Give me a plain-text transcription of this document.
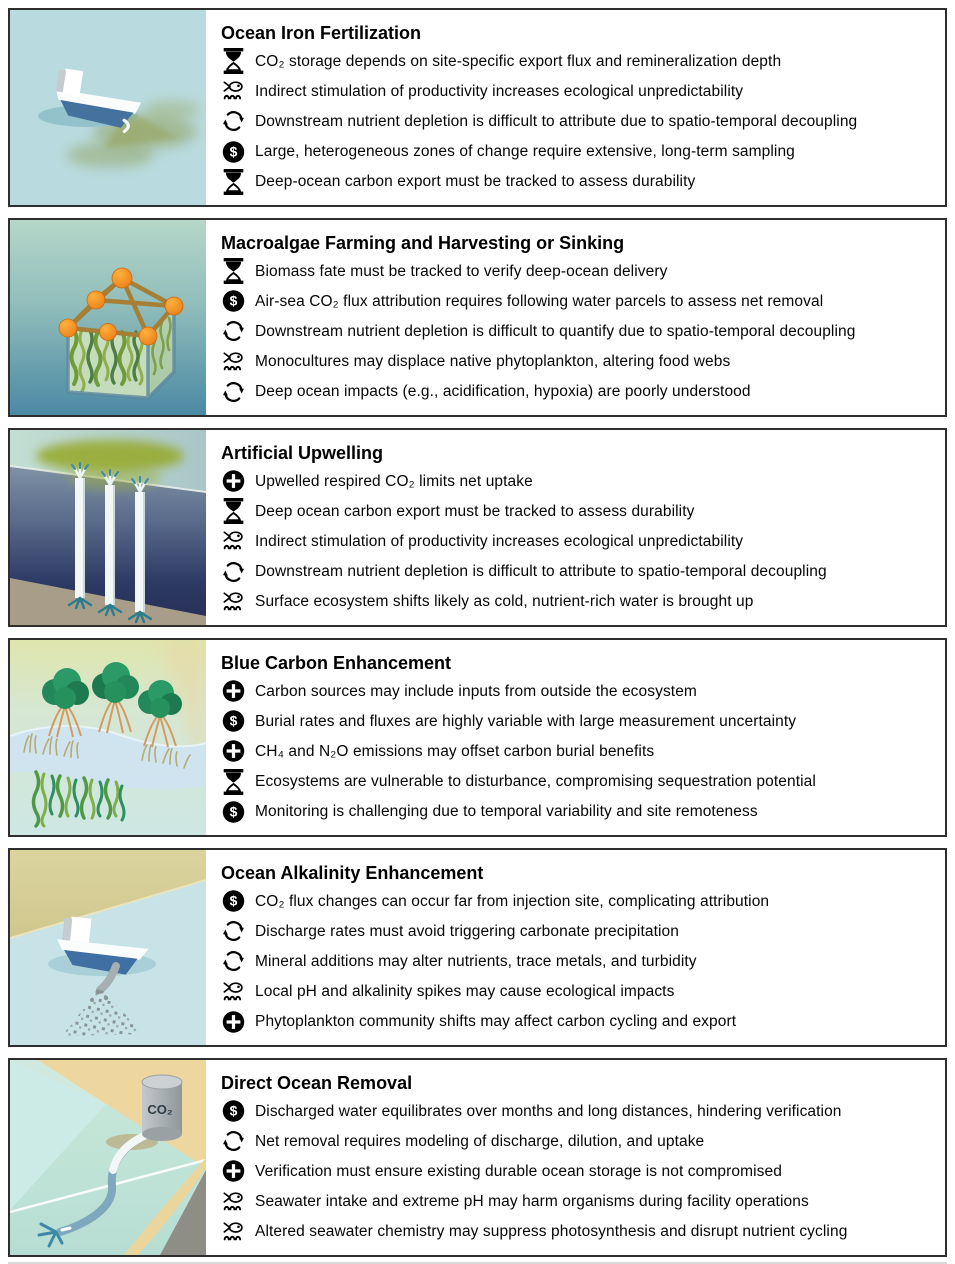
Ocean Iron Fertilization
CO₂ storage depends on site-specific export flux and remineralization depth
Indirect stimulation of productivity increases ecological unpredictability
Downstream nutrient depletion is difficult to attribute due to spatio-temporal decoupling
$ Large, heterogeneous zones of change require extensive, long-term sampling
Deep-ocean carbon export must be tracked to assess durability
Macroalgae Farming and Harvesting or Sinking
Biomass fate must be tracked to verify deep-ocean delivery
$ Air-sea CO₂ flux attribution requires following water parcels to assess net removal
Downstream nutrient depletion is difficult to quantify due to spatio-temporal decoupling
Monocultures may displace native phytoplankton, altering food webs
Deep ocean impacts (e.g., acidification, hypoxia) are poorly understood
Artificial Upwelling
Upwelled respired CO₂ limits net uptake
Deep ocean carbon export must be tracked to assess durability
Indirect stimulation of productivity increases ecological unpredictability
Downstream nutrient depletion is difficult to attribute to spatio-temporal decoupling
Surface ecosystem shifts likely as cold, nutrient-rich water is brought up
Blue Carbon Enhancement
Carbon sources may include inputs from outside the ecosystem
$ Burial rates and fluxes are highly variable with large measurement uncertainty
CH₄ and N₂O emissions may offset carbon burial benefits
Ecosystems are vulnerable to disturbance, compromising sequestration potential
$ Monitoring is challenging due to temporal variability and site remoteness
Ocean Alkalinity Enhancement
$ CO₂ flux changes can occur far from injection site, complicating attribution
Discharge rates must avoid triggering carbonate precipitation
Mineral additions may alter nutrients, trace metals, and turbidity
Local pH and alkalinity spikes may cause ecological impacts
Phytoplankton community shifts may affect carbon cycling and export
CO₂
Direct Ocean Removal
$ Discharged water equilibrates over months and long distances, hindering verification
Net removal requires modeling of discharge, dilution, and uptake
Verification must ensure existing durable ocean storage is not compromised
Seawater intake and extreme pH may harm organisms during facility operations
Altered seawater chemistry may suppress photosynthesis and disrupt nutrient cycling
